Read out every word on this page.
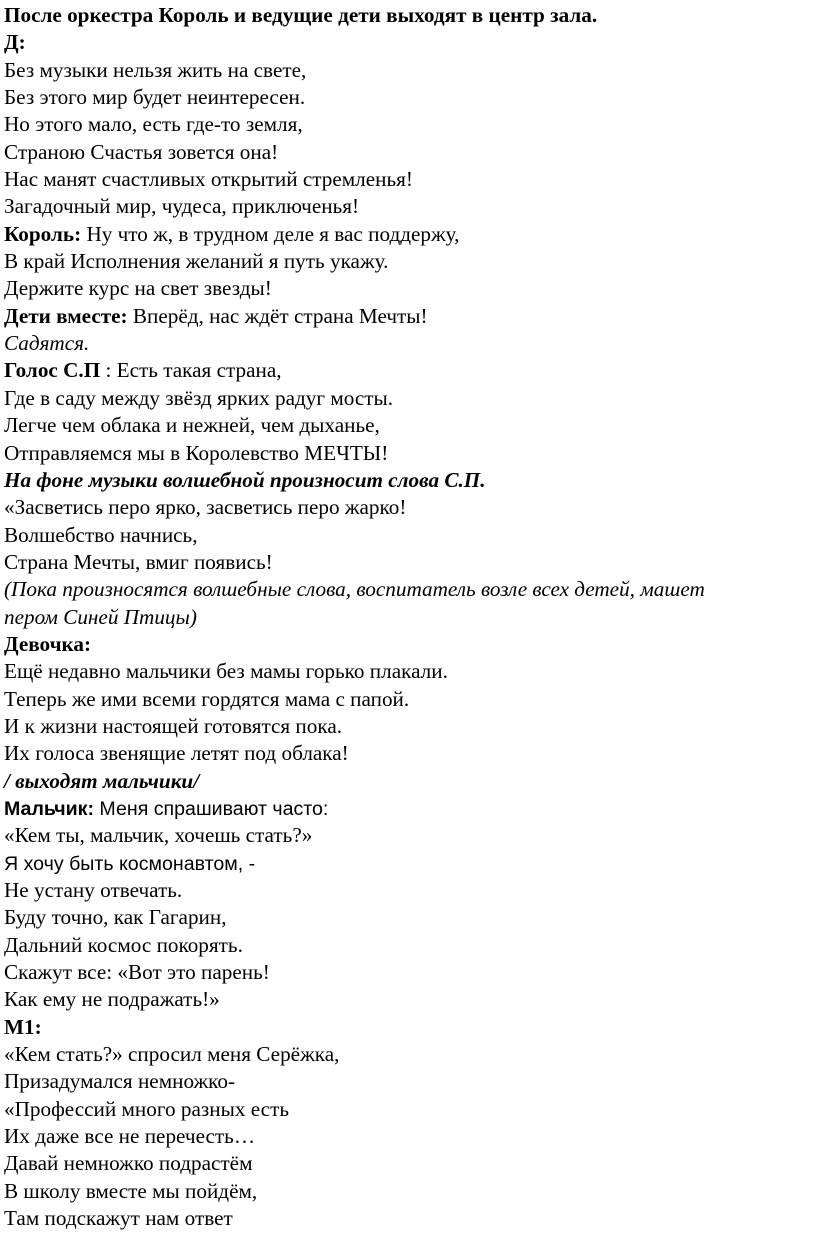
После оркестра Король и ведущие дети выходят в центр зала.
Д:
Без музыки нельзя жить на свете,
Без этого мир будет неинтересен.
Но этого мало, есть где-то земля,
Страною Счастья зовется она!
Нас манят счастливых открытий стремленья!
Загадочный мир, чудеса, приключенья!
Король: Ну что ж, в трудном деле я вас поддержу,
В край Исполнения желаний я путь укажу.
Держите курс на свет звезды!
Дети вместе: Вперёд, нас ждёт страна Мечты!
Садятся.
Голос С.П : Есть такая страна,
Где в саду между звёзд ярких радуг мосты.
Легче чем облака и нежней, чем дыханье,
Отправляемся мы в Королевство МЕЧТЫ!
На фоне музыки волшебной произносит слова С.П.
«Засветись перо ярко, засветись перо жарко!
Волшебство начнись,
Страна Мечты, вмиг появись!
(Пока произносятся волшебные слова, воспитатель возле всех детей, машет
пером Синей Птицы)
Девочка:
Ещё недавно мальчики без мамы горько плакали.
Теперь же ими всеми гордятся мама с папой.
И к жизни настоящей готовятся пока.
Их голоса звенящие летят под облака!
/ выходят мальчики/
Мальчик: Меня спрашивают часто:
«Кем ты, мальчик, хочешь стать?»
Я хочу быть космонавтом, -
Не устану отвечать.
Буду точно, как Гагарин,
Дальний космос покорять.
Скажут все: «Вот это парень!
Как ему не подражать!»
М1:
«Кем стать?» спросил меня Серёжка,
Призадумался немножко-
«Профессий много разных есть
Их даже все не перечесть…
Давай немножко подрастём
В школу вместе мы пойдём,
Там подскажут нам ответ
